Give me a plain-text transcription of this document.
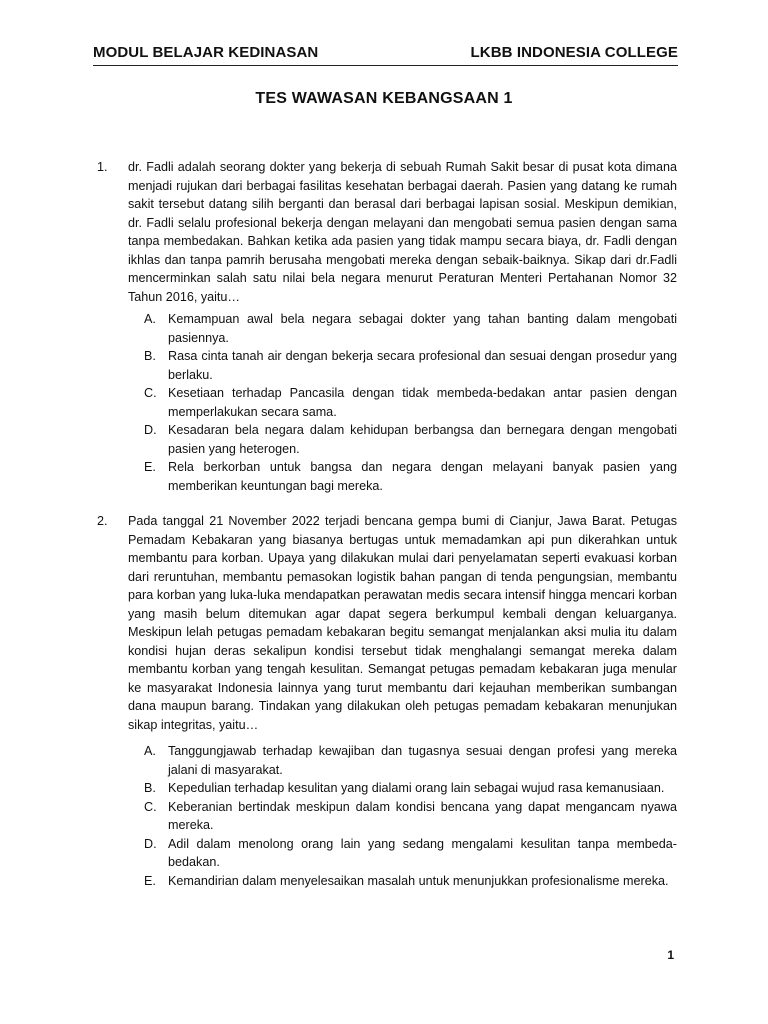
MODUL BELAJAR KEDINASAN	LKBB INDONESIA COLLEGE
TES WAWASAN KEBANGSAAN 1
1. dr. Fadli adalah seorang dokter yang bekerja di sebuah Rumah Sakit besar di pusat kota dimana menjadi rujukan dari berbagai fasilitas kesehatan berbagai daerah. Pasien yang datang ke rumah sakit tersebut datang silih berganti dan berasal dari berbagai lapisan sosial. Meskipun demikian, dr. Fadli selalu profesional bekerja dengan melayani dan mengobati semua pasien dengan sama tanpa membedakan. Bahkan ketika ada pasien yang tidak mampu secara biaya, dr. Fadli dengan ikhlas dan tanpa pamrih berusaha mengobati mereka dengan sebaik-baiknya. Sikap dari dr.Fadli mencerminkan salah satu nilai bela negara menurut Peraturan Menteri Pertahanan Nomor 32 Tahun 2016, yaitu…
A. Kemampuan awal bela negara sebagai dokter yang tahan banting dalam mengobati pasiennya.
B. Rasa cinta tanah air dengan bekerja secara profesional dan sesuai dengan prosedur yang berlaku.
C. Kesetiaan terhadap Pancasila dengan tidak membeda-bedakan antar pasien dengan memperlakukan secara sama.
D. Kesadaran bela negara dalam kehidupan berbangsa dan bernegara dengan mengobati pasien yang heterogen.
E. Rela berkorban untuk bangsa dan negara dengan melayani banyak pasien yang memberikan keuntungan bagi mereka.
2. Pada tanggal 21 November 2022 terjadi bencana gempa bumi di Cianjur, Jawa Barat. Petugas Pemadam Kebakaran yang biasanya bertugas untuk memadamkan api pun dikerahkan untuk membantu para korban. Upaya yang dilakukan mulai dari penyelamatan seperti evakuasi korban dari reruntuhan, membantu pemasokan logistik bahan pangan di tenda pengungsian, membantu para korban yang luka-luka mendapatkan perawatan medis secara intensif hingga mencari korban yang masih belum ditemukan agar dapat segera berkumpul kembali dengan keluarganya. Meskipun lelah petugas pemadam kebakaran begitu semangat menjalankan aksi mulia itu dalam kondisi hujan deras sekalipun kondisi tersebut tidak menghalangi semangat mereka dalam membantu korban yang tengah kesulitan. Semangat petugas pemadam kebakaran juga menular ke masyarakat Indonesia lainnya yang turut membantu dari kejauhan memberikan sumbangan dana maupun barang. Tindakan yang dilakukan oleh petugas pemadam kebakaran menunjukan sikap integritas, yaitu…
A. Tanggungjawab terhadap kewajiban dan tugasnya sesuai dengan profesi yang mereka jalani di masyarakat.
B. Kepedulian terhadap kesulitan yang dialami orang lain sebagai wujud rasa kemanusiaan.
C. Keberanian bertindak meskipun dalam kondisi bencana yang dapat mengancam nyawa mereka.
D. Adil dalam menolong orang lain yang sedang mengalami kesulitan tanpa membeda-bedakan.
E. Kemandirian dalam menyelesaikan masalah untuk menunjukkan profesionalisme mereka.
1
